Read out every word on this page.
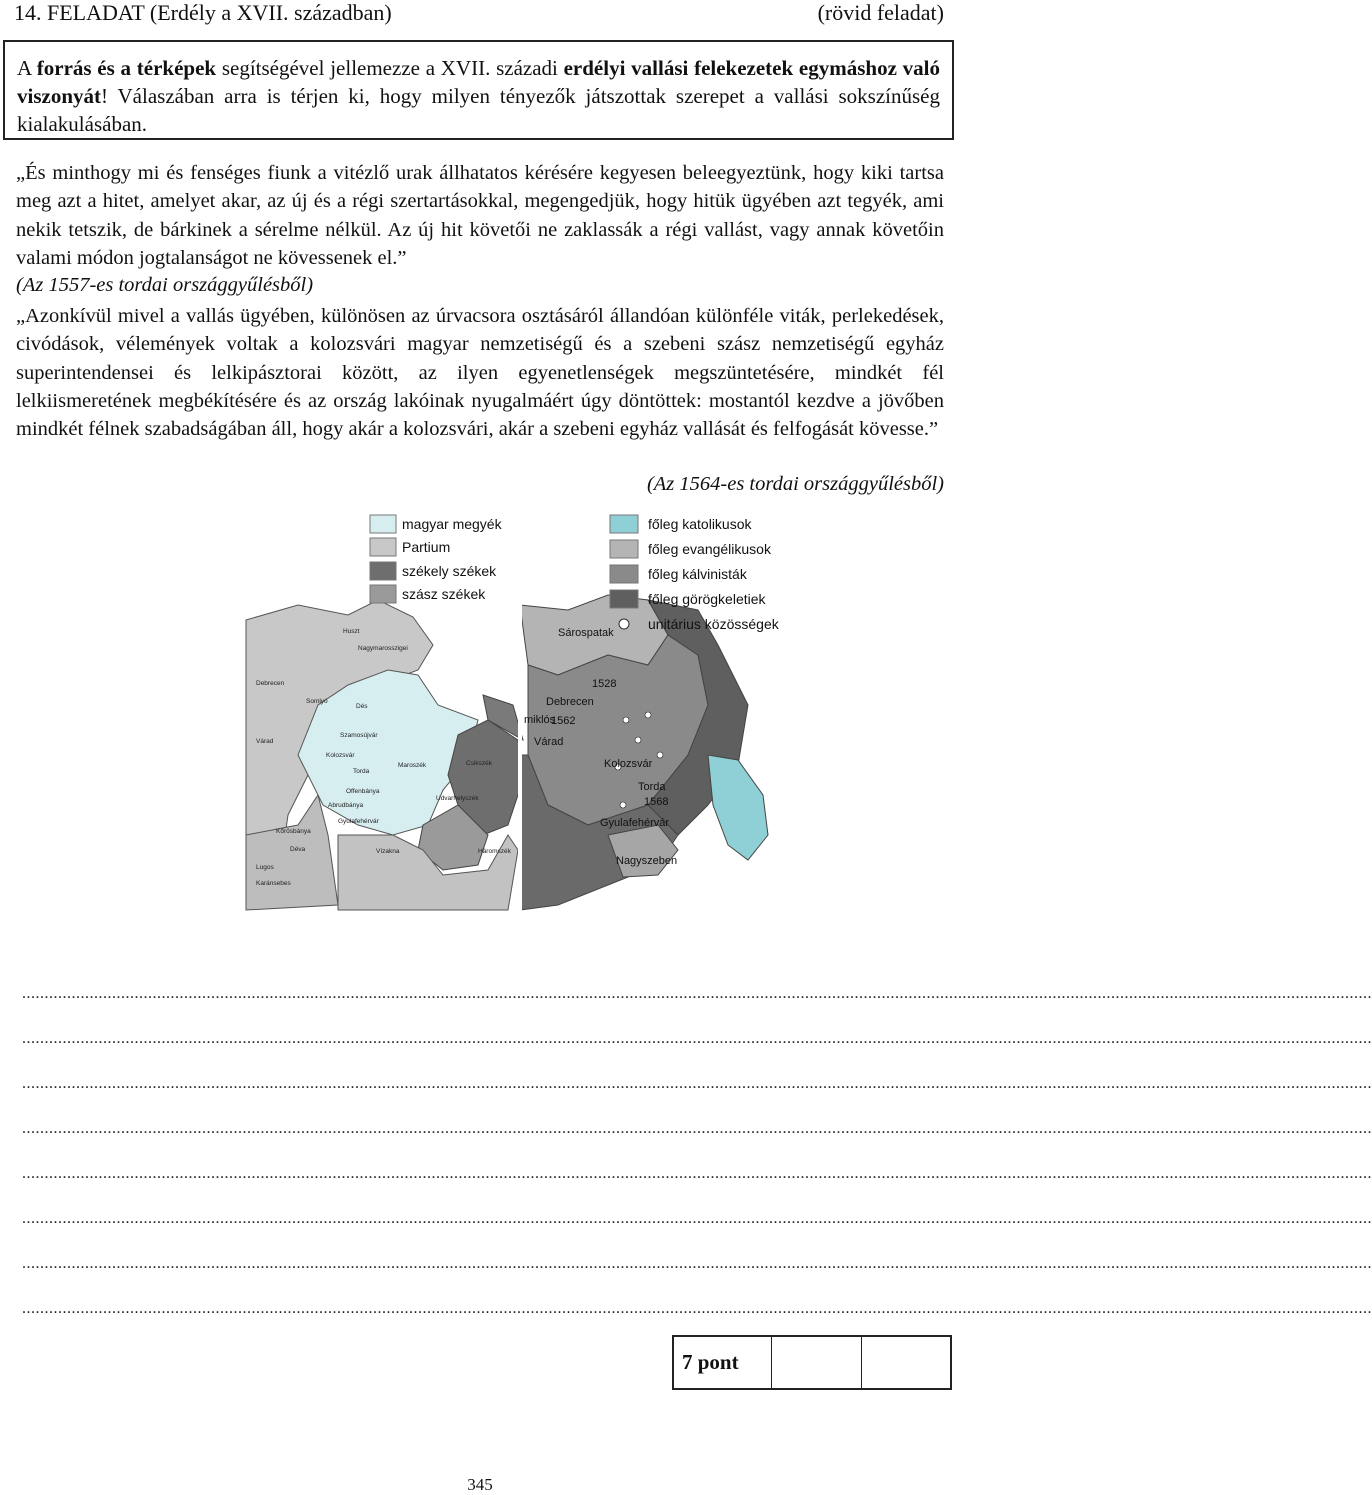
14. FELADAT (Erdély a XVII. században)	(rövid feladat)
A forrás és a térképek segítségével jellemezze a XVII. századi erdélyi vallási felekezetek egymáshoz való viszonyát! Válaszában arra is térjen ki, hogy milyen tényezők játszottak szerepet a vallási sokszínűség kialakulásában.
„És minthogy mi és fenséges fiunk a vitézlő urak állhatatos kérésére kegyesen beleegyeztünk, hogy kiki tartsa meg azt a hitet, amelyet akar, az új és a régi szertartásokkal, megengedjük, hogy hitük ügyében azt tegyék, ami nekik tetszik, de bárkinek a sérelme nélkül. Az új hit követői ne zaklassák a régi vallást, vagy annak követőin valami módon jogtalanságot ne kövessenek el.”
(Az 1557-es tordai országgyűlésből)
„Azonkívül mivel a vallás ügyében, különösen az úrvacsora osztásáról állandóan különféle viták, perlekedések, civódások, vélemények voltak a kolozsvári magyar nemzetiségű és a szebeni szász nemzetiségű egyház superintendensei és lelkipásztorai között, az ilyen egyenetlenségek megszüntetésére, mindkét fél lelkiismeretének megbékítésére és az ország lakóinak nyugalmáért úgy döntöttek: mostantól kezdve a jövőben mindkét félnek szabadságában áll, hogy akár a kolozsvári, akár a szebeni egyház vallását és felfogását kövesse.”
(Az 1564-es tordai országgyűlésből)
Huszt
Nagymarosszigei
Debrecen
Somlyó
Dés
Várad
Szamosújvár
Kolozsvár
Torda
Maroszék	Csikszék
Udvarhelyszék
Offenbánya
Abrudbánya
Gyulafehérvár
Kőrösbánya
Déva	Vízakna	Háromszék
Lugos
Karánsebes
magyar megyék
Partium
székely székek
szász székek
Sárospatak
Debrecen
1562
miklós
Várad
Kolozsvár
Torda
1568
Gyulafehérvár
Nagyszeben
1528
főleg katolikusok
főleg evangélikusok
főleg kálvinisták
főleg görögkeletiek
unitárius közösségek
............................................................................................................................................................................................................................................................................................................
............................................................................................................................................................................................................................................................................................................
............................................................................................................................................................................................................................................................................................................
............................................................................................................................................................................................................................................................................................................
............................................................................................................................................................................................................................................................................................................
............................................................................................................................................................................................................................................................................................................
............................................................................................................................................................................................................................................................................................................
............................................................................................................................................................................................................................................................................................................
7 pont
345
